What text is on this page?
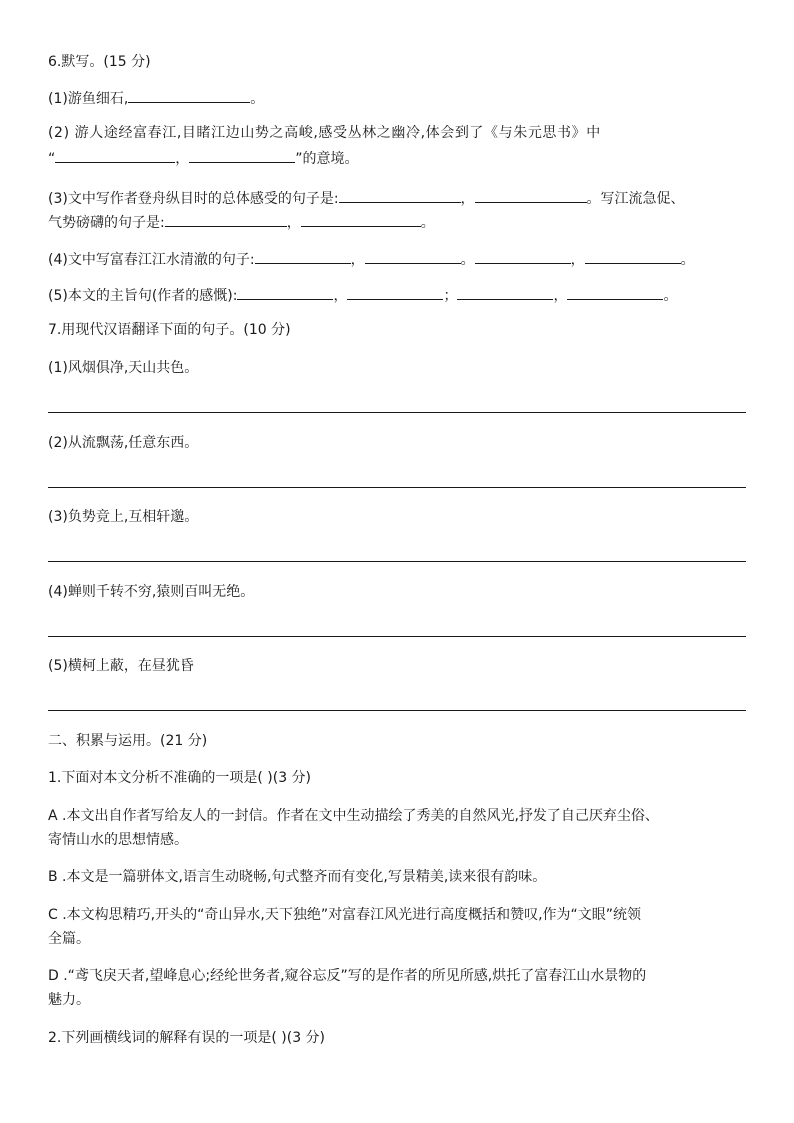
6.默写。(15 分)
(1)游鱼细石,	。
(2) 游人途经富春江,目睹江边山势之高峻,感受丛林之幽冷,体会到了《与朱元思书》中
“	，	”的意境。
(3)文中写作者登舟纵目时的总体感受的句子是:	，	。写江流急促、
气势磅礴的句子是:	，	。
(4)文中写富春江江水清澈的句子:	，	。	，	。
(5)本文的主旨句(作者的感慨):	，	；	，	。
7.用现代汉语翻译下面的句子。(10 分)
(1)风烟俱净,天山共色。
(2)从流飘荡,任意东西。
(3)负势竞上,互相轩邈。
(4)蝉则千转不穷,猿则百叫无绝。
(5)横柯上蔽，在昼犹昏
二、积累与运用。(21 分)
1.下面对本文分析不准确的一项是( )(3 分)
A .本文出自作者写给友人的一封信。作者在文中生动描绘了秀美的自然风光,抒发了自己厌弃尘俗、
寄情山水的思想情感。
B .本文是一篇骈体文,语言生动晓畅,句式整齐而有变化,写景精美,读来很有韵味。
C .本文构思精巧,开头的“奇山异水,天下独绝”对富春江风光进行高度概括和赞叹,作为“文眼”统领
全篇。
D .“鸢飞戾天者,望峰息心;经纶世务者,窥谷忘反”写的是作者的所见所感,烘托了富春江山水景物的
魅力。
2.下列画横线词的解释有误的一项是( )(3 分)
